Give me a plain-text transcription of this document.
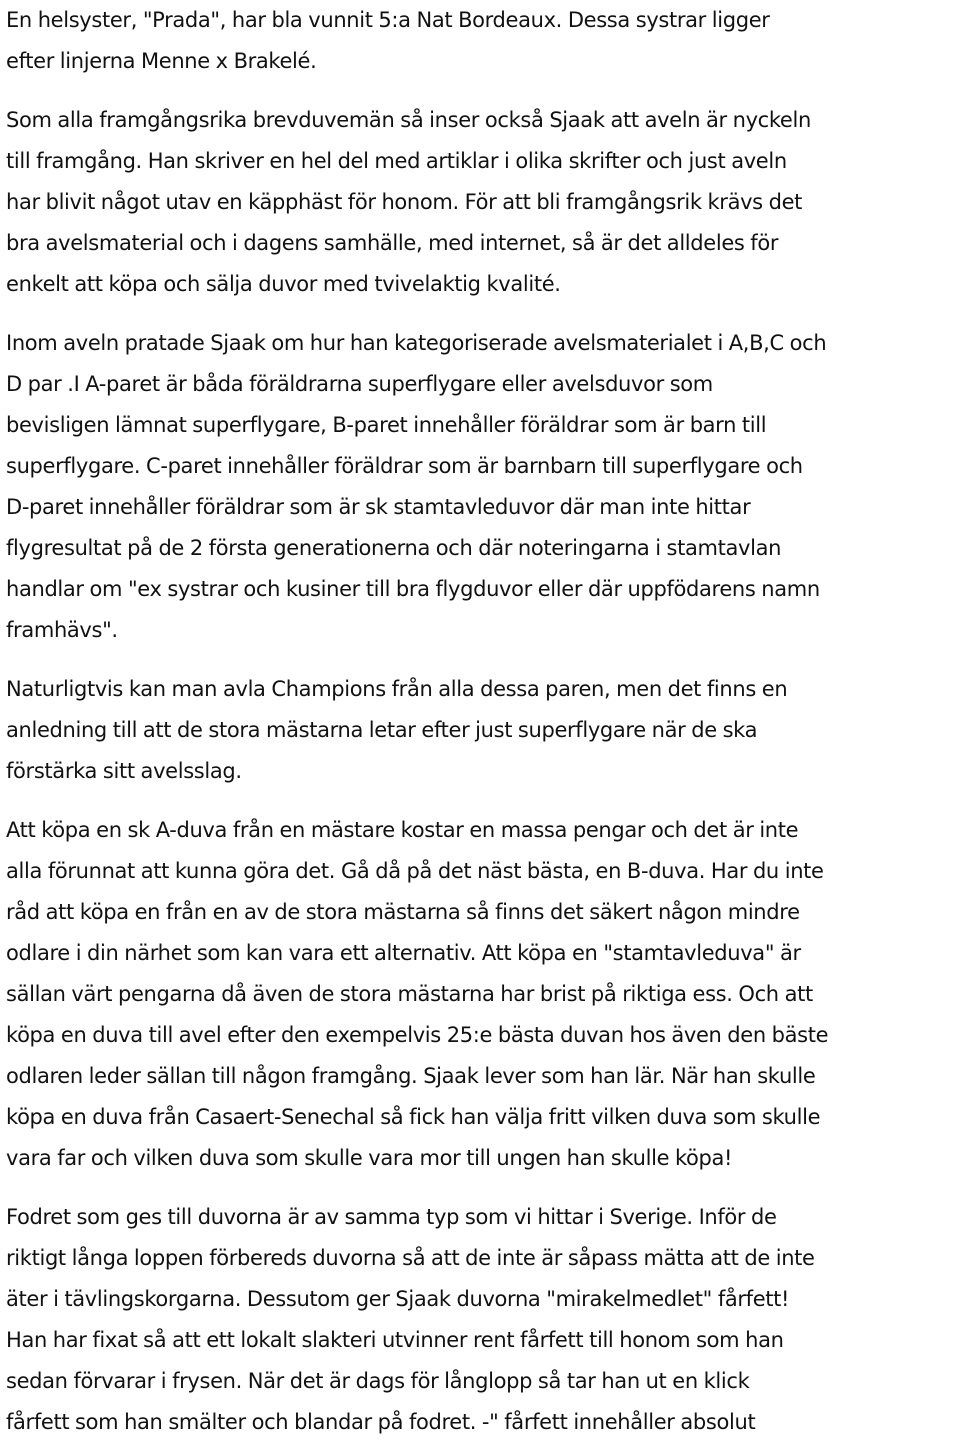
En helsyster, "Prada", har bla vunnit 5:a Nat Bordeaux. Dessa systrar ligger
efter linjerna Menne x Brakelé.
Som alla framgångsrika brevduvemän så inser också Sjaak att aveln är nyckeln
till framgång. Han skriver en hel del med artiklar i olika skrifter och just aveln
har blivit något utav en käpphäst för honom. För att bli framgångsrik krävs det
bra avelsmaterial och i dagens samhälle, med internet, så är det alldeles för
enkelt att köpa och sälja duvor med tvivelaktig kvalité.
Inom aveln pratade Sjaak om hur han kategoriserade avelsmaterialet i A,B,C och
D par .I A-paret är båda föräldrarna superflygare eller avelsduvor som
bevisligen lämnat superflygare, B-paret innehåller föräldrar som är barn till
superflygare. C-paret innehåller föräldrar som är barnbarn till superflygare och
D-paret innehåller föräldrar som är sk stamtavleduvor där man inte hittar
flygresultat på de 2 första generationerna och där noteringarna i stamtavlan
handlar om "ex systrar och kusiner till bra flygduvor eller där uppfödarens namn
framhävs".
Naturligtvis kan man avla Champions från alla dessa paren, men det finns en
anledning till att de stora mästarna letar efter just superflygare när de ska
förstärka sitt avelsslag.
Att köpa en sk A-duva från en mästare kostar en massa pengar och det är inte
alla förunnat att kunna göra det. Gå då på det näst bästa, en B-duva. Har du inte
råd att köpa en från en av de stora mästarna så finns det säkert någon mindre
odlare i din närhet som kan vara ett alternativ. Att köpa en "stamtavleduva" är
sällan värt pengarna då även de stora mästarna har brist på riktiga ess. Och att
köpa en duva till avel efter den exempelvis 25:e bästa duvan hos även den bäste
odlaren leder sällan till någon framgång. Sjaak lever som han lär. När han skulle
köpa en duva från Casaert-Senechal så fick han välja fritt vilken duva som skulle
vara far och vilken duva som skulle vara mor till ungen han skulle köpa!
Fodret som ges till duvorna är av samma typ som vi hittar i Sverige. Inför de
riktigt långa loppen förbereds duvorna så att de inte är såpass mätta att de inte
äter i tävlingskorgarna. Dessutom ger Sjaak duvorna "mirakelmedlet" fårfett!
Han har fixat så att ett lokalt slakteri utvinner rent fårfett till honom som han
sedan förvarar i frysen. När det är dags för långlopp så tar han ut en klick
fårfett som han smälter och blandar på fodret. -" fårfett innehåller absolut
